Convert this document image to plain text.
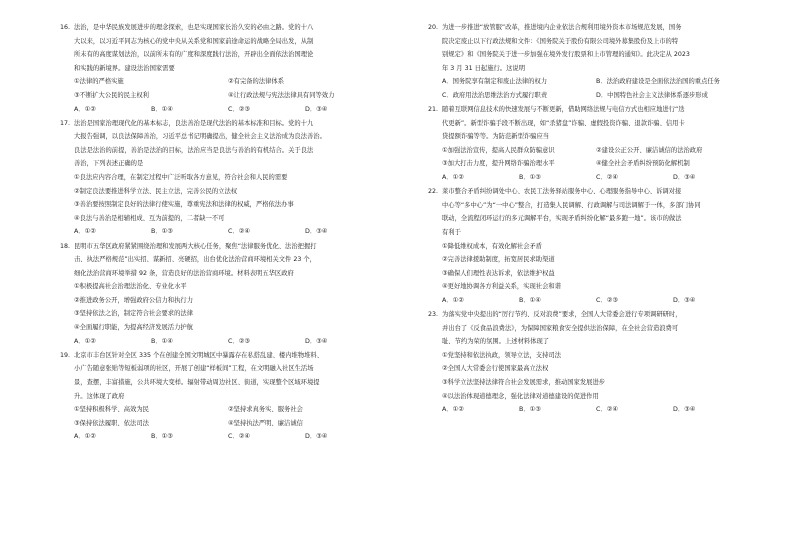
16. 法治，是中华民族发展进步的理念探索，也是实现国家长治久安的必由之路。党的十八
大以来，以习近平同志为核心的党中央从关系党和国家前途命运的战略全局出发，从制
所未有的高度谋划法治，以前所未有的广度和深度践行法治，开辟出全面依法治国理论
和实践的新境界。建设法治国家需要
①法律的严格实施	②有完备的法律体系
③不断扩大公民的民主权利	④让行政法规与宪法法律具有同等效力
A．①②	B．①④	C．②③	D．③④
17. 法治是国家治理现代化的基本标志，良法善治是现代法治的基本标准和目标。党的十九
大报告强调，以良法保障善治，习近平总书记明确提出，健全社会主义法治成为良法善治。
良法是法治的前提，善治是法治的目标，法治应当是良法与善治的有机结合。关于良法
善治，下列表述正确的是
①良法应内容合理，在制定过程中广泛听取各方意见，符合社会和人民的需要
②制定良法要推进科学立法、民主立法，完善公民的立法权
③善治要按照制定良好的法律行使实施，尊重宪法和法律的权威，严格依法办事
④良法与善治是相辅相成、互为前提的，二者缺一不可
A．①②	B．①③	C．②④	D．③④
18. 昆明市五华区政府紧紧围绕治理和发展两大核心任务，聚焦“法律服务优化、法治把握打
击、执法严格规范”出实招、谋新招、亮硬招，出台优化法治营商环境相关文件 23 个，
细化法治营商环境举措 92 条，营造良好的法治营商环境。材料表明五华区政府
①积极提高社会治理法治化、专业化水平
②推进政务公开，增强政府公信力和执行力
③坚持依法之治，制定符合社会要求的法律
④全面履行职能，为提高经济发展活力护航
A．①②	B．①④	C．②③	D．③④
19. 北京市丰台区针对全区 335 个在创建全国文明城区中暴露存在私搭乱建、楼内堆物堆料、
小广告随意张贴等短板弱项的社区，开展了创建“样板间”工程，在文明融入社区生活场
景，查摆，丰富措施，公共环境大变样。辐射带动周边社区、街道，实现整个区域环境提
升。这体现了政府
①坚持积极科学、高效为民	②坚持求真务实、服务社会
③保持依法履职、依法司法	④坚持执法严明、廉洁诚信
A．①②	B．①③	C．②④	D．③④
20. 为进一步推进“放管服”改革，推进境内企业依法合规利用境外资本市场规范发展，国务
院决定废止以下行政法规和文件：《国务院关于股份有限公司境外募集股份及上市的特
别规定》和《国务院关于进一步加强在境外发行股票和上市管理的通知》。此决定从 2023
年 3 月 31 日起施行。这说明
A．国务院享有制定和废止法律的权力	B．法治政府建设是全面依法治国的重点任务
C．政府用法治思维法治方式履行职责	D．中国特色社会主义法律体系逐步形成
21. 随着互联网信息技术的快速发展与不断更新，借助网络法规与电信方式也相应地进行“迭
代更新”。新型诈骗手段不断出现，如“杀猪盘”诈骗、虚假投资诈骗、退款诈骗、信用卡
贷提额诈骗等等。为防范新型诈骗应当
①加强法治宣传，提高人民群众防骗意识	②建设公正公开、廉洁诚信的法治政府
③加大打击力度，提升网络诈骗治理水平	④健全社会矛盾纠纷预防化解机制
A．①②	B．①③	C．②④	D．③④
22. 莱市整合矛盾纠纷调处中心、农民工法务驿站服务中心、心理服务指导中心、诉调对接
中心等“多中心”为“一中心”整合，打造集人民调解、行政调解与司法调解于一体，多部门协同
联动，全流程闭环运行的多元调解平台，实现矛盾纠纷化解“最多跑一地”。该市的做法
有利于
①降低维权成本，有效化解社会矛盾
②完善法律援助制度，拓宽居民求助渠道
③确保人们理性表达诉求，依法维护权益
④更好地协调各方利益关系，实现社会和谐
A．①②	B．①④	C．②③	D．③④
23. 为落实党中央提出的“厉行节约、反对浪费”要求，全国人大常委会进行专项调研研时，
并出台了《反食品浪费法》，为保障国家粮食安全提供法治保障，在全社会营造浪费可
耻、节约为荣的氛围。上述材料体现了
①党坚持和依法执政，领导立法，支持司法
②全国人大常委会行使国家最高立法权
③科学立法坚持法律符合社会发展需求，推动国家发展进步
④以法治体现道德理念，强化法律对道德建设的促进作用
A．①②	B．①③	C．②④	D．③④
